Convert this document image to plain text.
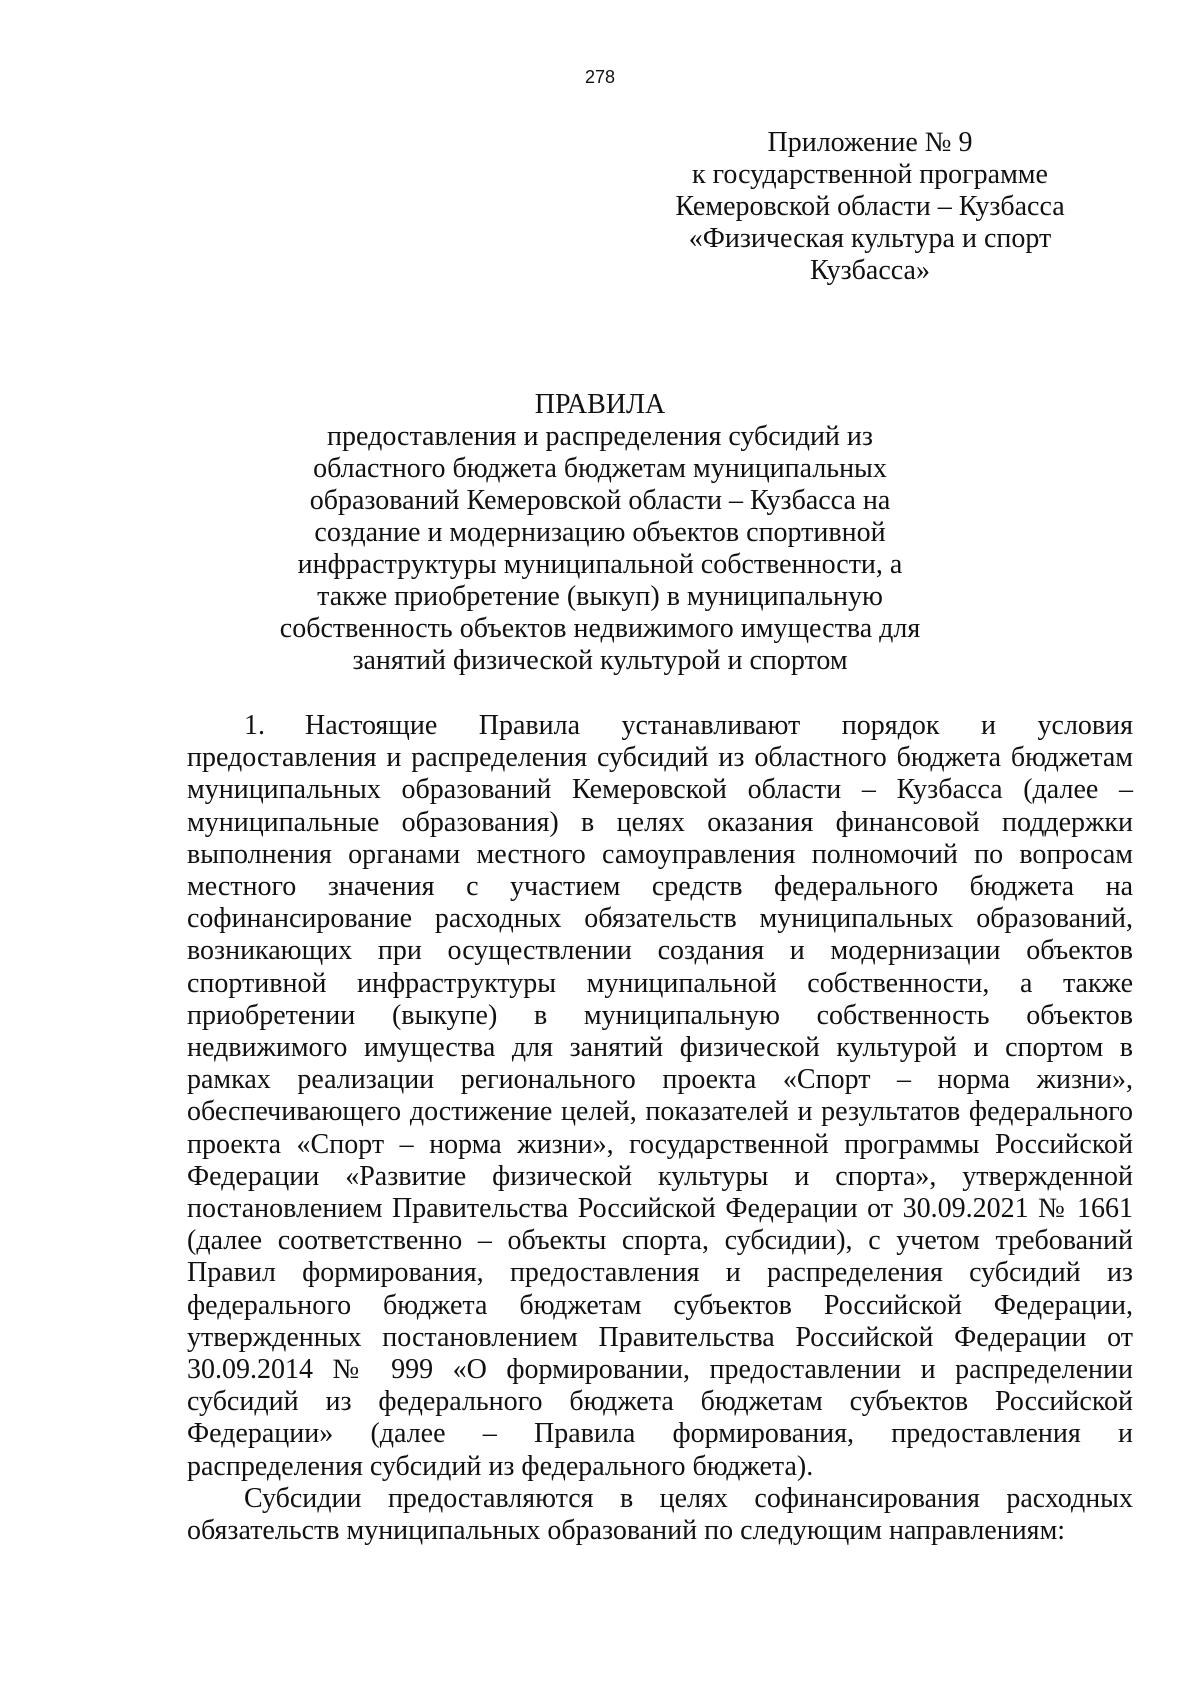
278
Приложение № 9
к государственной программе
Кемеровской области – Кузбасса
«Физическая культура и спорт
Кузбасса»
ПРАВИЛА
предоставления и распределения субсидий из
областного бюджета бюджетам муниципальных
образований Кемеровской области – Кузбасса на
создание и модернизацию объектов спортивной
инфраструктуры муниципальной собственности, а
также приобретение (выкуп) в муниципальную
собственность объектов недвижимого имущества для
занятий физической культурой и спортом

1. Настоящие Правила устанавливают порядок и условия предоставления и распределения субсидий из областного бюджета бюджетам муниципальных образований Кемеровской области – Кузбасса (далее – муниципальные образования) в целях оказания финансовой поддержки выполнения органами местного самоуправления полномочий по вопросам местного значения с участием средств федерального бюджета на софинансирование расходных обязательств муниципальных образований, возникающих при осуществлении создания и модернизации объектов спортивной инфраструктуры муниципальной собственности, а также приобретении (выкупе) в муниципальную собственность объектов недвижимого имущества для занятий физической культурой и спортом в рамках реализации регионального проекта «Спорт – норма жизни», обеспечивающего достижение целей, показателей и результатов федерального проекта «Спорт – норма жизни», государственной программы Российской Федерации «Развитие физической культуры и спорта», утвержденной постановлением Правительства Российской Федерации от 30.09.2021 № 1661 (далее соответственно – объекты спорта, субсидии), с учетом требований Правил формирования, предоставления и распределения субсидий из федерального бюджета бюджетам субъектов Российской Федерации, утвержденных постановлением Правительства Российской Федерации от 30.09.2014 № 999 «О формировании, предоставлении и распределении субсидий из федерального бюджета бюджетам субъектов Российской Федерации» (далее – Правила формирования, предоставления и распределения субсидий из федерального бюджета).

Субсидии предоставляются в целях софинансирования расходных обязательств муниципальных образований по следующим направлениям:
